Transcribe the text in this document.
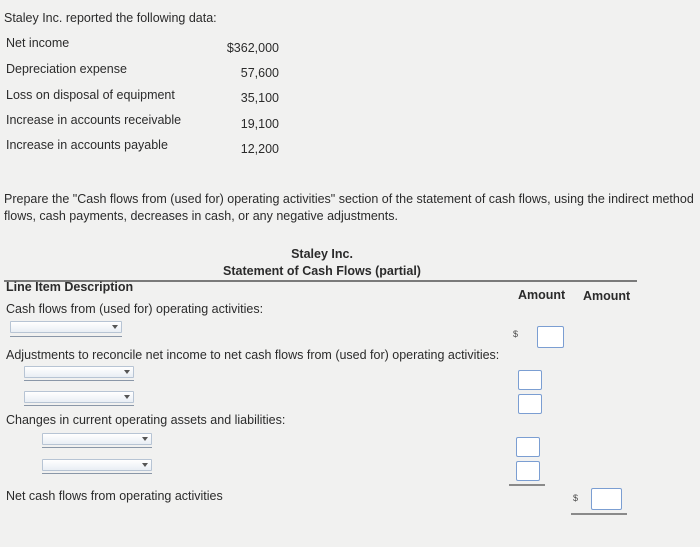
Staley Inc. reported the following data:
Net income	$362,000
Depreciation expense	57,600
Loss on disposal of equipment	35,100
Increase in accounts receivable	19,100
Increase in accounts payable	12,200
Prepare the "Cash flows from (used for) operating activities" section of the statement of cash flows, using the indirect method
flows, cash payments, decreases in cash, or any negative adjustments.
Staley Inc.
Statement of Cash Flows (partial)
Line Item Description
Amount Amount
Cash flows from (used for) operating activities:
$
Adjustments to reconcile net income to net cash flows from (used for) operating activities:
Changes in current operating assets and liabilities:
Net cash flows from operating activities	$
